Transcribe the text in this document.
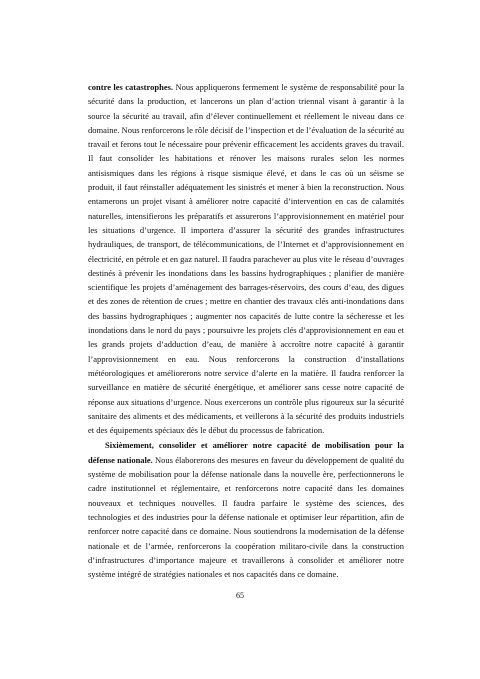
contre les catastrophes. Nous appliquerons fermement le système de responsabilité pour la sécurité dans la production, et lancerons un plan d’action triennal visant à garantir à la source la sécurité au travail, afin d’élever continuellement et réellement le niveau dans ce domaine. Nous renforcerons le rôle décisif de l’inspection et de l’évaluation de la sécurité au travail et ferons tout le nécessaire pour prévenir efficacement les accidents graves du travail. Il faut consolider les habitations et rénover les maisons rurales selon les normes antisismiques dans les régions à risque sismique élevé, et dans le cas où un séisme se produit, il faut réinstaller adéquatement les sinistrés et mener à bien la reconstruction. Nous entamerons un projet visant à améliorer notre capacité d’intervention en cas de calamités naturelles, intensifierons les préparatifs et assurerons l’approvisionnement en matériel pour les situations d’urgence. Il importera d’assurer la sécurité des grandes infrastructures hydrauliques, de transport, de télécommunications, de l’Internet et d’approvisionnement en électricité, en pétrole et en gaz naturel. Il faudra parachever au plus vite le réseau d’ouvrages destinés à prévenir les inondations dans les bassins hydrographiques ; planifier de manière scientifique les projets d’aménagement des barrages-réservoirs, des cours d’eau, des digues et des zones de rétention de crues ; mettre en chantier des travaux clés anti-inondations dans des bassins hydrographiques ; augmenter nos capacités de lutte contre la sécheresse et les inondations dans le nord du pays ; poursuivre les projets clés d’approvisionnement en eau et les grands projets d’adduction d’eau, de manière à accroître notre capacité à garantir l’approvisionnement en eau. Nous renforcerons la construction d’installations météorologiques et améliorerons notre service d’alerte en la matière. Il faudra renforcer la surveillance en matière de sécurité énergétique, et améliorer sans cesse notre capacité de réponse aux situations d’urgence. Nous exercerons un contrôle plus rigoureux sur la sécurité sanitaire des aliments et des médicaments, et veillerons à la sécurité des produits industriels et des équipements spéciaux dès le début du processus de fabrication.

Sixièmement, consolider et améliorer notre capacité de mobilisation pour la défense nationale. Nous élaborerons des mesures en faveur du développement de qualité du système de mobilisation pour la défense nationale dans la nouvelle ère, perfectionnerons le cadre institutionnel et réglementaire, et renforcerons notre capacité dans les domaines nouveaux et techniques nouvelles. Il faudra parfaire le système des sciences, des technologies et des industries pour la défense nationale et optimiser leur répartition, afin de renforcer notre capacité dans ce domaine. Nous soutiendrons la modernisation de la défense nationale et de l’armée, renforcerons la coopération militaro-civile dans la construction d’infrastructures d’importance majeure et travaillerons à consolider et améliorer notre système intégré de stratégies nationales et nos capacités dans ce domaine.

65
